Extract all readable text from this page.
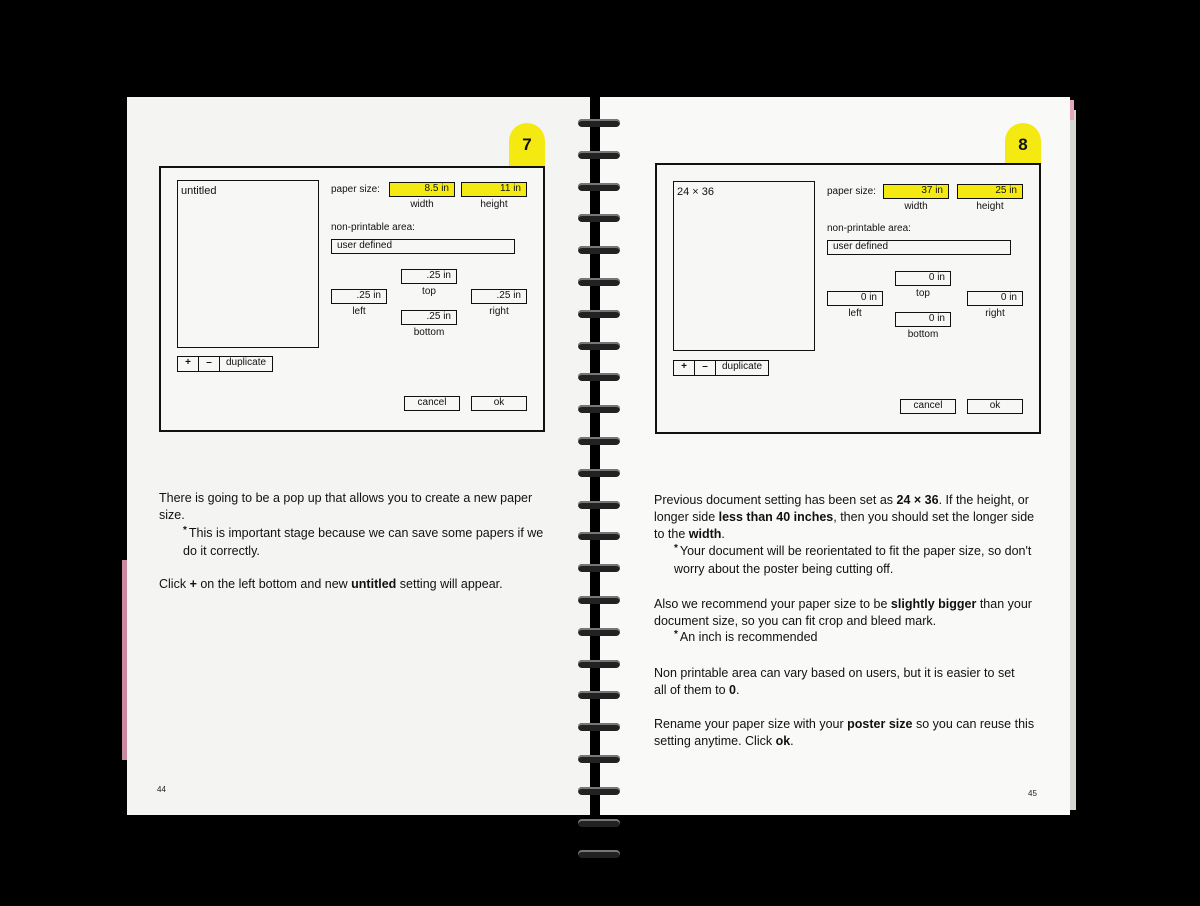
7
untitled	paper size:	8.5 in	11 in
width	height
non-printable area:
user defined
.25 in
top
.25 in
left
.25 in
right
.25 in
bottom
+	–	duplicate
cancel	ok
There is going to be a pop up that allows you to create a new paper size.
* This is important stage because we can save some papers if we do it correctly.
Click + on the left bottom and new untitled setting will appear.
44
8
24 × 36	paper size:	37 in	25 in
width	height
non-printable area:
user defined
0 in
top
0 in
left
0 in
right
0 in
bottom
+	–	duplicate
cancel	ok
Previous document setting has been set as 24 × 36. If the height, or longer side less than 40 inches, then you should set the longer side to the width.
* Your document will be reorientated to fit the paper size, so don't worry about the poster being cutting off.
Also we recommend your paper size to be slightly bigger than your document size, so you can fit crop and bleed mark.
* An inch is recommended
Non printable area can vary based on users, but it is easier to set all of them to 0.
Rename your paper size with your poster size so you can reuse this setting anytime. Click ok.
45
